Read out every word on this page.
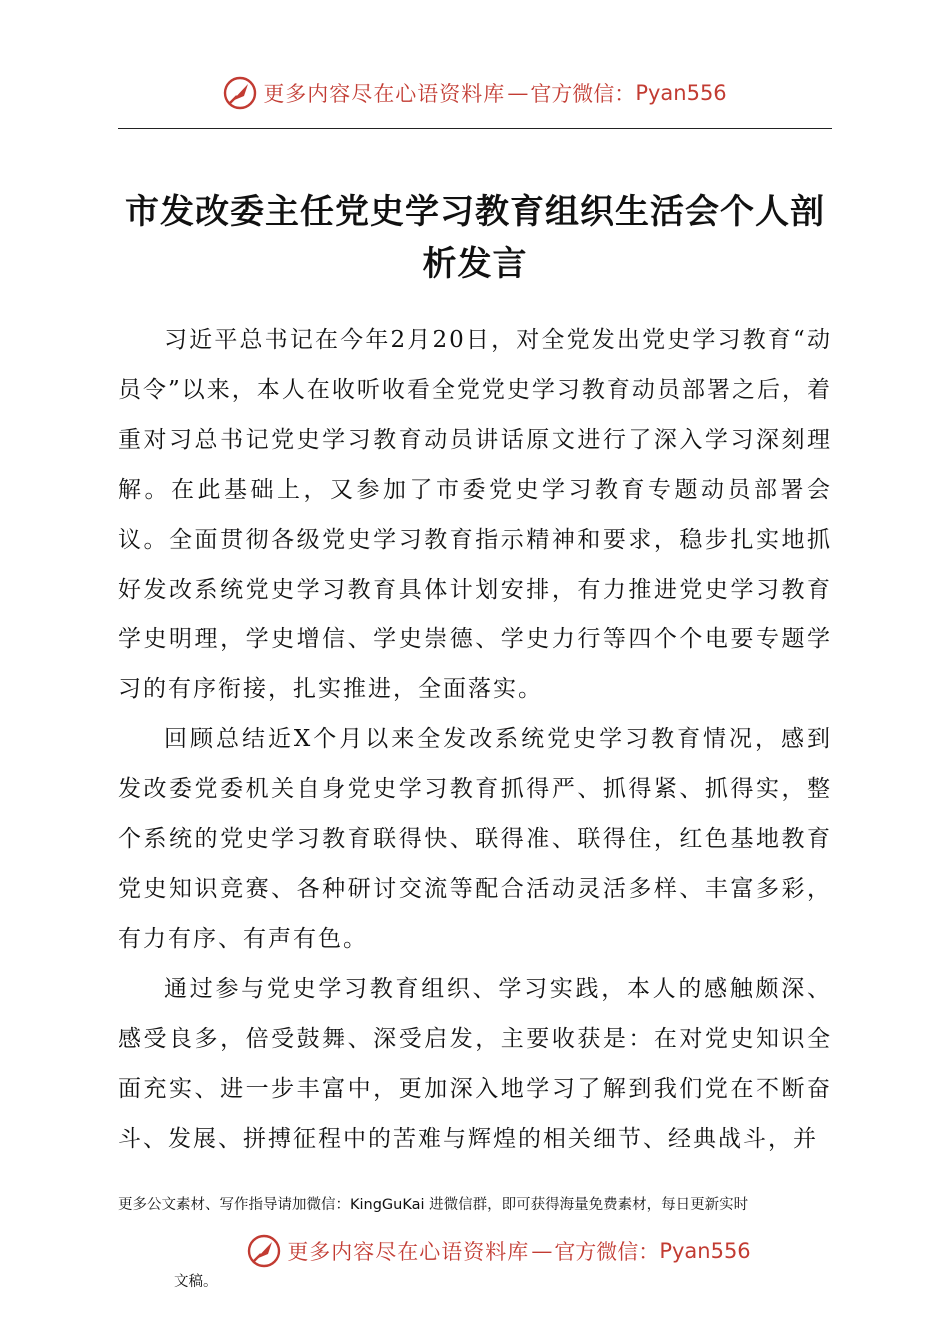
更多内容尽在心语资料库 — 官方微信： Pyan556
市发改委主任党史学习教育组织生活会个人剖析发言

习近平总书记在今年2月20日，对全党发出党史学习教育“动员令”以来，本人在收听收看全党党史学习教育动员部署之后，着重对习总书记党史学习教育动员讲话原文进行了深入学习深刻理解。在此基础上，又参加了市委党史学习教育专题动员部署会议。全面贯彻各级党史学习教育指示精神和要求，稳步扎实地抓好发改系统党史学习教育具体计划安排，有力推进党史学习教育学史明理，学史增信、学史崇德、学史力行等四个个电要专题学习的有序衔接，扎实推进，全面落实。

回顾总结近X个月以来全发改系统党史学习教育情况，感到发改委党委机关自身党史学习教育抓得严、抓得紧、抓得实，整个系统的党史学习教育联得快、联得准、联得住，红色基地教育党史知识竞赛、各种研讨交流等配合活动灵活多样、丰富多彩，有力有序、有声有色。

通过参与党史学习教育组织、学习实践，本人的感触颇深、感受良多，倍受鼓舞、深受启发，主要收获是：在对党史知识全面充实、进一步丰富中，更加深入地学习了解到我们党在不断奋斗、发展、拼搏征程中的苦难与辉煌的相关细节、经典战斗，并

更多公文素材、写作指导请加微信：KingGuKai 进微信群，即可获得海量免费素材，每日更新实时
更多内容尽在心语资料库 — 官方微信： Pyan556
文稿。
